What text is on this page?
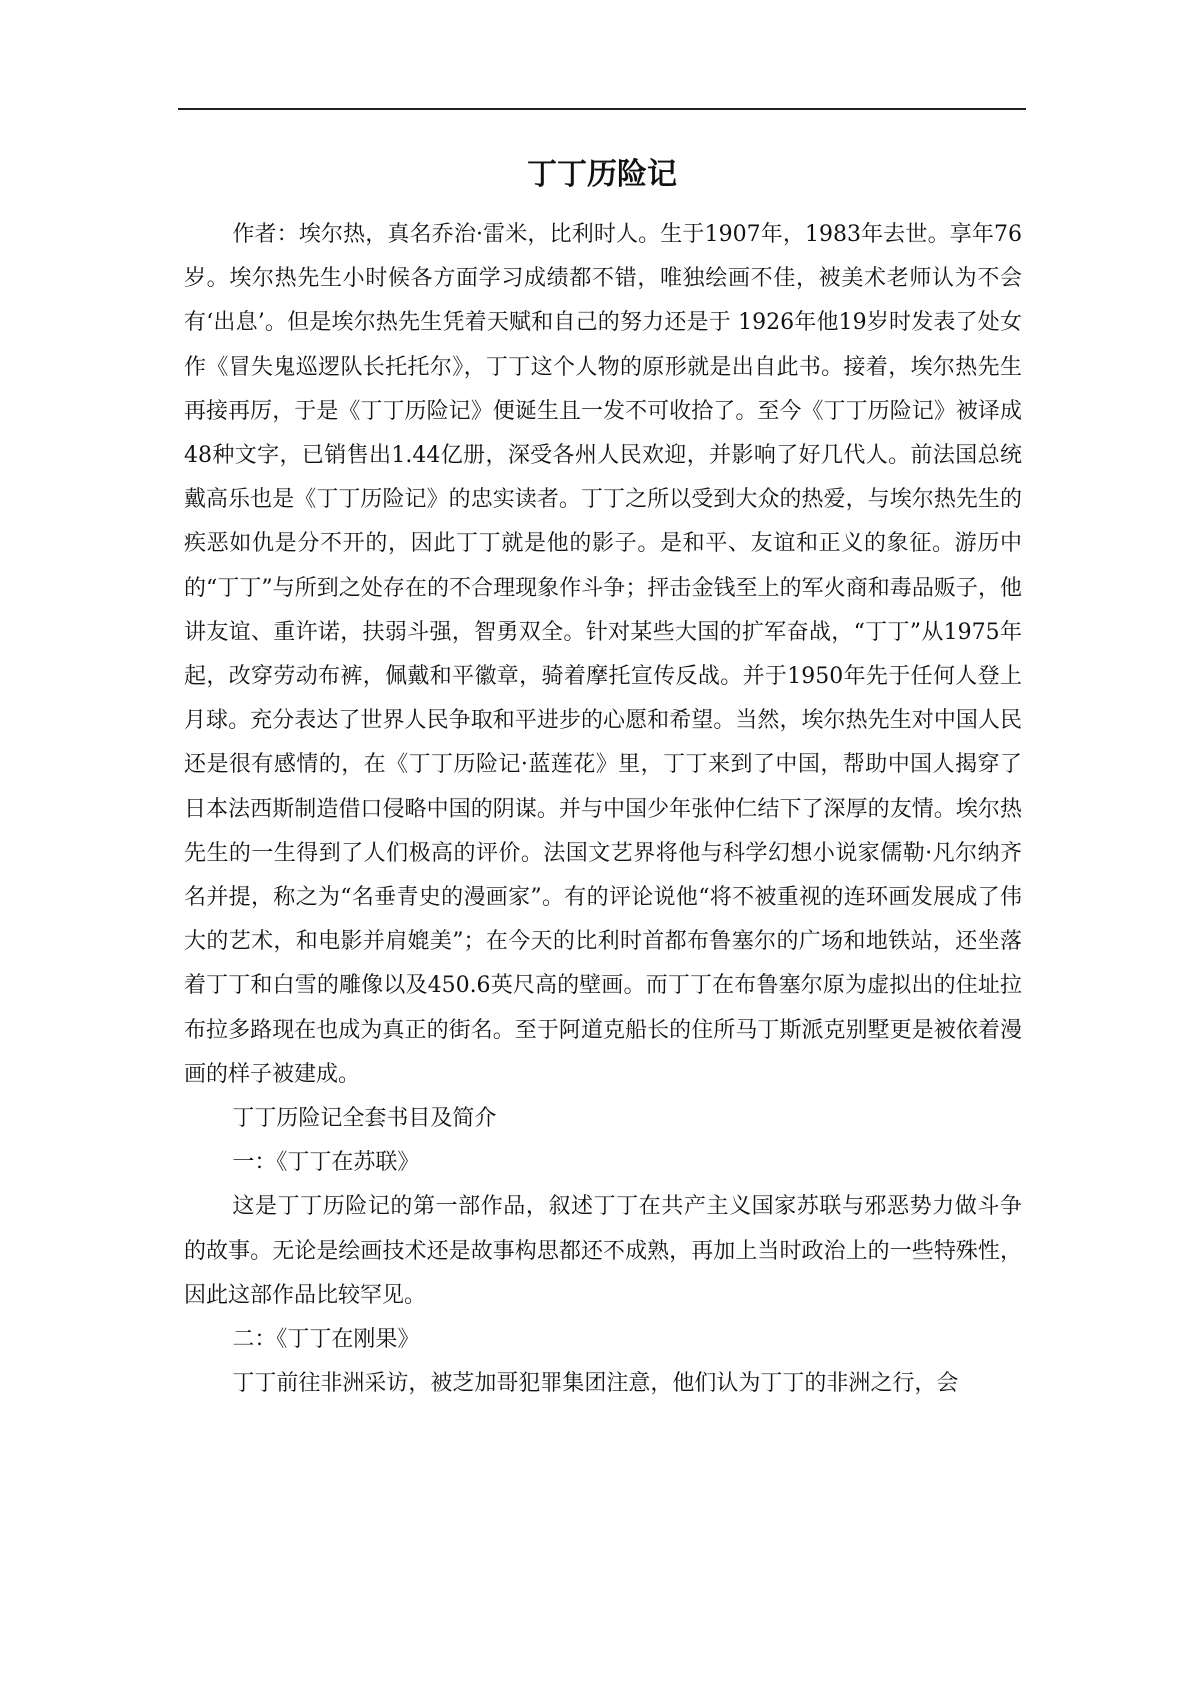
丁丁历险记

作者：埃尔热，真名乔治·雷米，比利时人。生于1907年，1983年去世。享年76岁。埃尔热先生小时候各方面学习成绩都不错，唯独绘画不佳，被美术老师认为不会有‘出息’。但是埃尔热先生凭着天赋和自己的努力还是于 1926年他19岁时发表了处女作《冒失鬼巡逻队长托托尔》，丁丁这个人物的原形就是出自此书。接着，埃尔热先生再接再厉，于是《丁丁历险记》便诞生且一发不可收拾了。至今《丁丁历险记》被译成48种文字，已销售出1.44亿册，深受各州人民欢迎，并影响了好几代人。前法国总统戴高乐也是《丁丁历险记》的忠实读者。丁丁之所以受到大众的热爱，与埃尔热先生的疾恶如仇是分不开的，因此丁丁就是他的影子。是和平、友谊和正义的象征。游历中的“丁丁”与所到之处存在的不合理现象作斗争；抨击金钱至上的军火商和毒品贩子，他讲友谊、重许诺，扶弱斗强，智勇双全。针对某些大国的扩军奋战，“丁丁”从1975年起，改穿劳动布裤，佩戴和平徽章，骑着摩托宣传反战。并于1950年先于任何人登上月球。充分表达了世界人民争取和平进步的心愿和希望。当然，埃尔热先生对中国人民还是很有感情的，在《丁丁历险记·蓝莲花》里，丁丁来到了中国，帮助中国人揭穿了日本法西斯制造借口侵略中国的阴谋。并与中国少年张仲仁结下了深厚的友情。埃尔热先生的一生得到了人们极高的评价。法国文艺界将他与科学幻想小说家儒勒·凡尔纳齐名并提，称之为“名垂青史的漫画家”。有的评论说他“将不被重视的连环画发展成了伟大的艺术，和电影并肩媲美”；在今天的比利时首都布鲁塞尔的广场和地铁站，还坐落着丁丁和白雪的雕像以及450.6英尺高的壁画。而丁丁在布鲁塞尔原为虚拟出的住址拉布拉多路现在也成为真正的街名。至于阿道克船长的住所马丁斯派克别墅更是被依着漫画的样子被建成。

丁丁历险记全套书目及简介

一：《丁丁在苏联》

这是丁丁历险记的第一部作品，叙述丁丁在共产主义国家苏联与邪恶势力做斗争的故事。无论是绘画技术还是故事构思都还不成熟，再加上当时政治上的一些特殊性，因此这部作品比较罕见。

二：《丁丁在刚果》

丁丁前往非洲采访，被芝加哥犯罪集团注意，他们认为丁丁的非洲之行，会
